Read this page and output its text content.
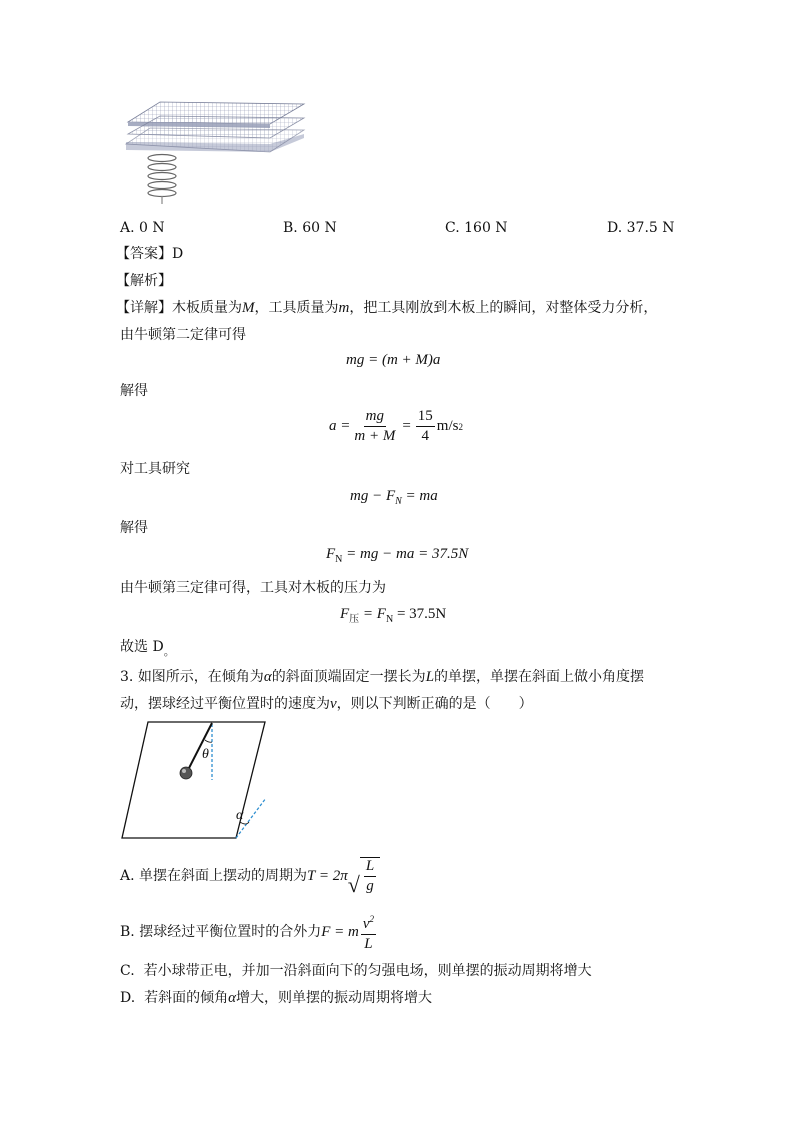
A. 0 N	B. 60 N	C. 160 N	D. 37.5 N
【答案】D
【解析】
【详解】木板质量为M，工具质量为m，把工具刚放到木板上的瞬间，对整体受力分析，
由牛顿第二定律可得
mg = (m + M)a
解得
$a = \frac{mg}{m + M} = \frac{15}{4} m/s$ 2
对工具研究
mg − $F_N$ = ma
解得
$F_N$ = mg − ma = 37.5N
由牛顿第三定律可得，工具对木板的压力为
$F_压 = F_N = 37.5N$
故选 $D_。$
3. 如图所示，在倾角为α的斜面顶端固定一摆长为L的单摆，单摆在斜面上做小角度摆
动，摆球经过平衡位置时的速度为v，则以下判断正确的是（ ）
θ
α
A.
单摆在斜面上摆动的周期为 T = 2π √ $\frac{L}{g}$
B.
摆球经过平衡位置时的合外力 F = m $\frac{v^2}{L}$
C. 若小球带正电，并加一沿斜面向下的匀强电场，则单摆的振动周期将增大
D. 若斜面的倾角α增大，则单摆的振动周期将增大
